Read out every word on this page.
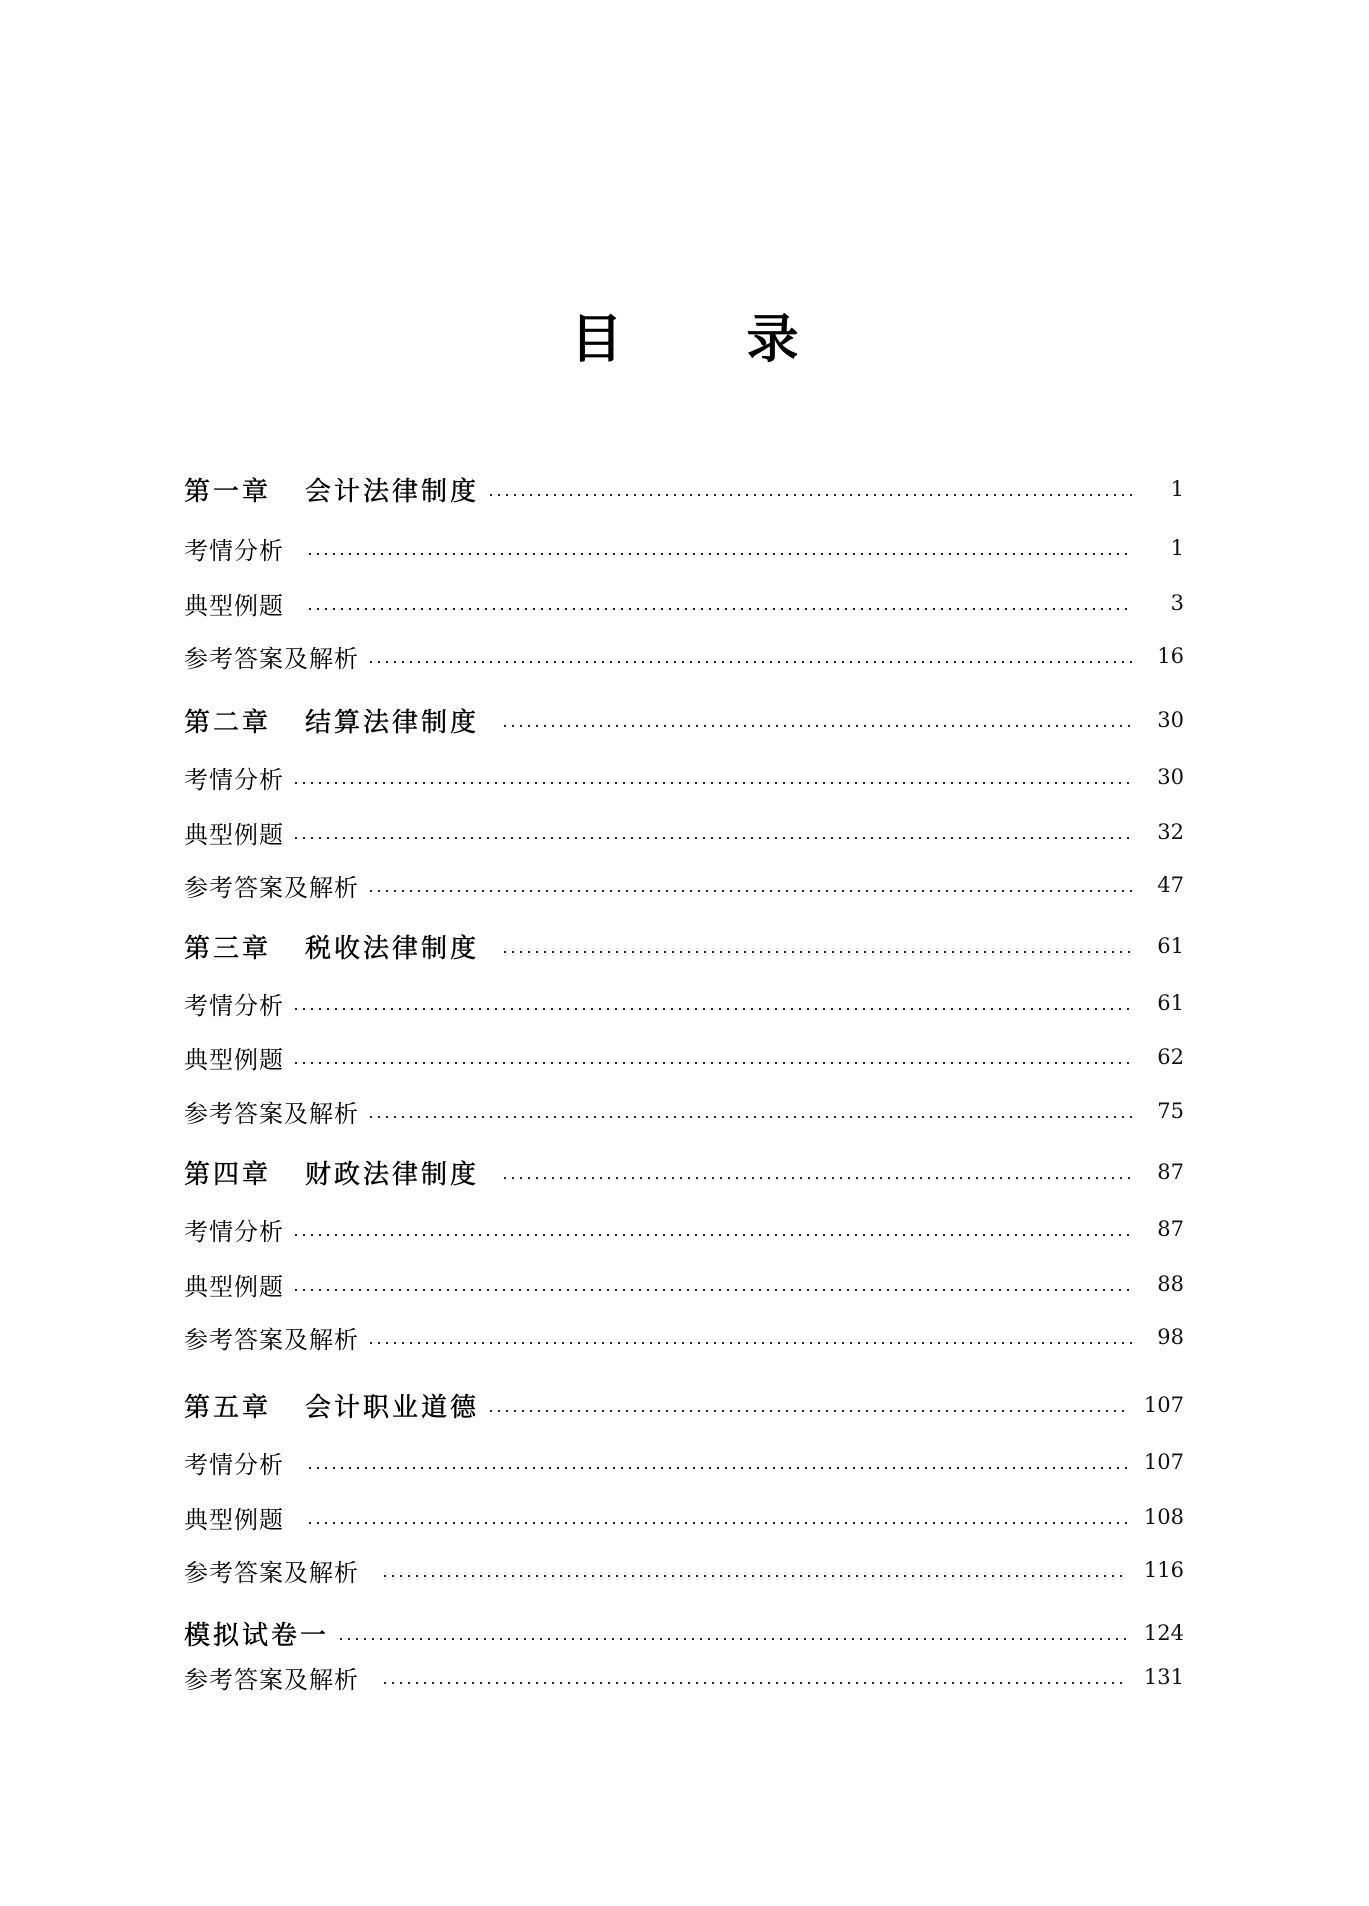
目 录
第一章 会计法律制度	1
考情分析	1
典型例题	3
参考答案及解析	16
第二章 结算法律制度	30
考情分析	30
典型例题	32
参考答案及解析	47
第三章 税收法律制度	61
考情分析	61
典型例题	62
参考答案及解析	75
第四章 财政法律制度	87
考情分析	87
典型例题	88
参考答案及解析	98
第五章 会计职业道德	107
考情分析	107
典型例题	108
参考答案及解析	116
模拟试卷一	124
参考答案及解析	131
